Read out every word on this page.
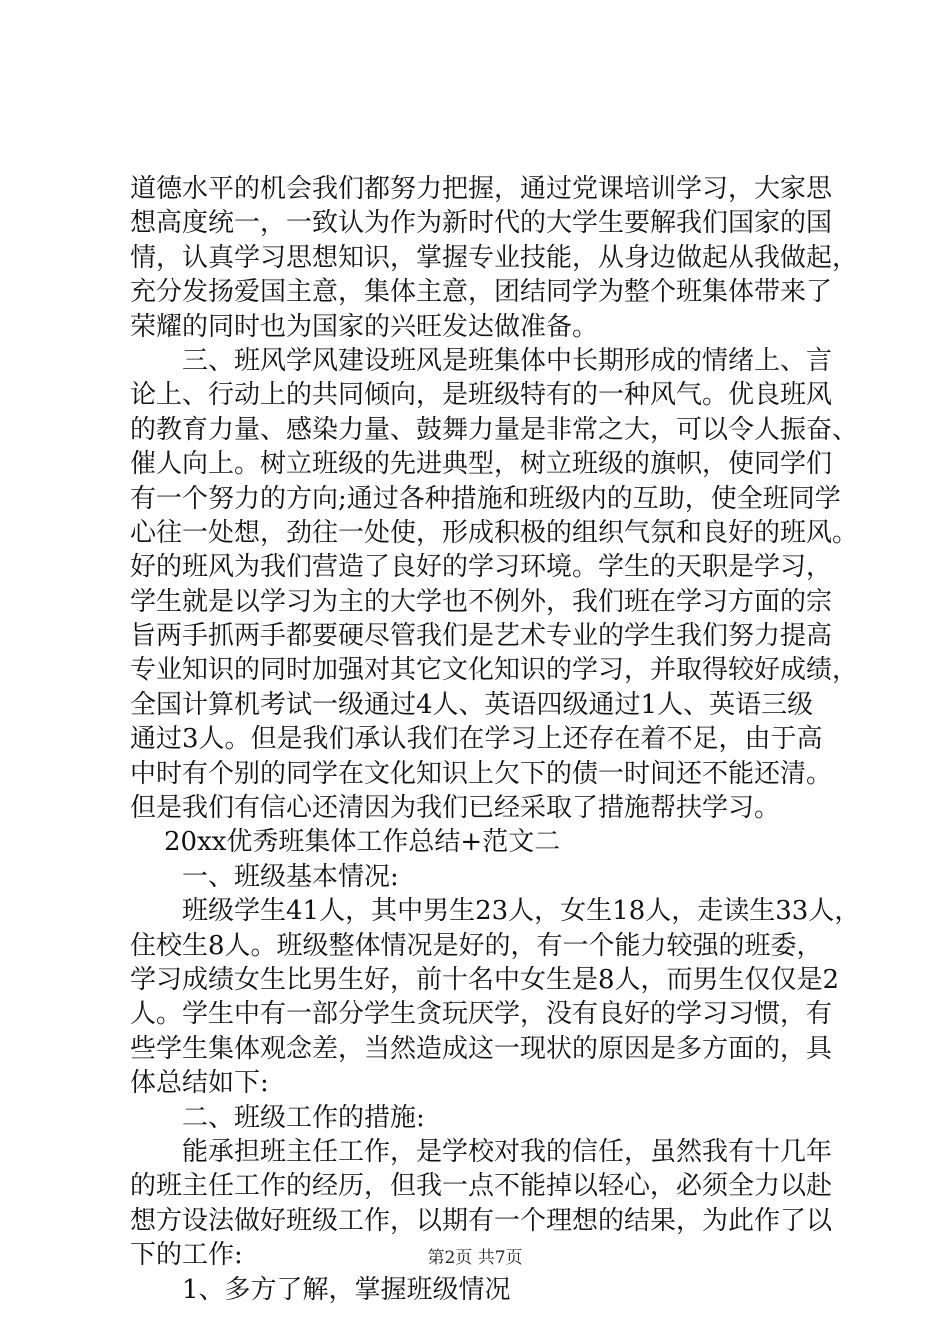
道德水平的机会我们都努力把握，通过党课培训学习，大家思
想高度统一，一致认为作为新时代的大学生要解我们国家的国
情，认真学习思想知识，掌握专业技能，从身边做起从我做起，
充分发扬爱国主意，集体主意，团结同学为整个班集体带来了
荣耀的同时也为国家的兴旺发达做准备。
三、班风学风建设班风是班集体中长期形成的情绪上、言
论上、行动上的共同倾向，是班级特有的一种风气。优良班风
的教育力量、感染力量、鼓舞力量是非常之大，可以令人振奋、
催人向上。树立班级的先进典型，树立班级的旗帜，使同学们
有一个努力的方向;通过各种措施和班级内的互助，使全班同学
心往一处想，劲往一处使，形成积极的组织气氛和良好的班风。
好的班风为我们营造了良好的学习环境。学生的天职是学习，
学生就是以学习为主的大学也不例外，我们班在学习方面的宗
旨两手抓两手都要硬尽管我们是艺术专业的学生我们努力提高
专业知识的同时加强对其它文化知识的学习，并取得较好成绩，
全国计算机考试一级通过4人、英语四级通过1人、英语三级
通过3人。但是我们承认我们在学习上还存在着不足，由于高
中时有个别的同学在文化知识上欠下的债一时间还不能还清。
但是我们有信心还清因为我们已经采取了措施帮扶学习。
20xx优秀班集体工作总结+范文二
一、班级基本情况:
班级学生41人，其中男生23人，女生18人，走读生33人，
住校生8人。班级整体情况是好的，有一个能力较强的班委，
学习成绩女生比男生好，前十名中女生是8人，而男生仅仅是2
人。学生中有一部分学生贪玩厌学，没有良好的学习习惯，有
些学生集体观念差，当然造成这一现状的原因是多方面的，具
体总结如下:
二、班级工作的措施:
能承担班主任工作，是学校对我的信任，虽然我有十几年
的班主任工作的经历，但我一点不能掉以轻心，必须全力以赴
想方设法做好班级工作，以期有一个理想的结果，为此作了以
下的工作:
1、多方了解，掌握班级情况
第2页 共7页
